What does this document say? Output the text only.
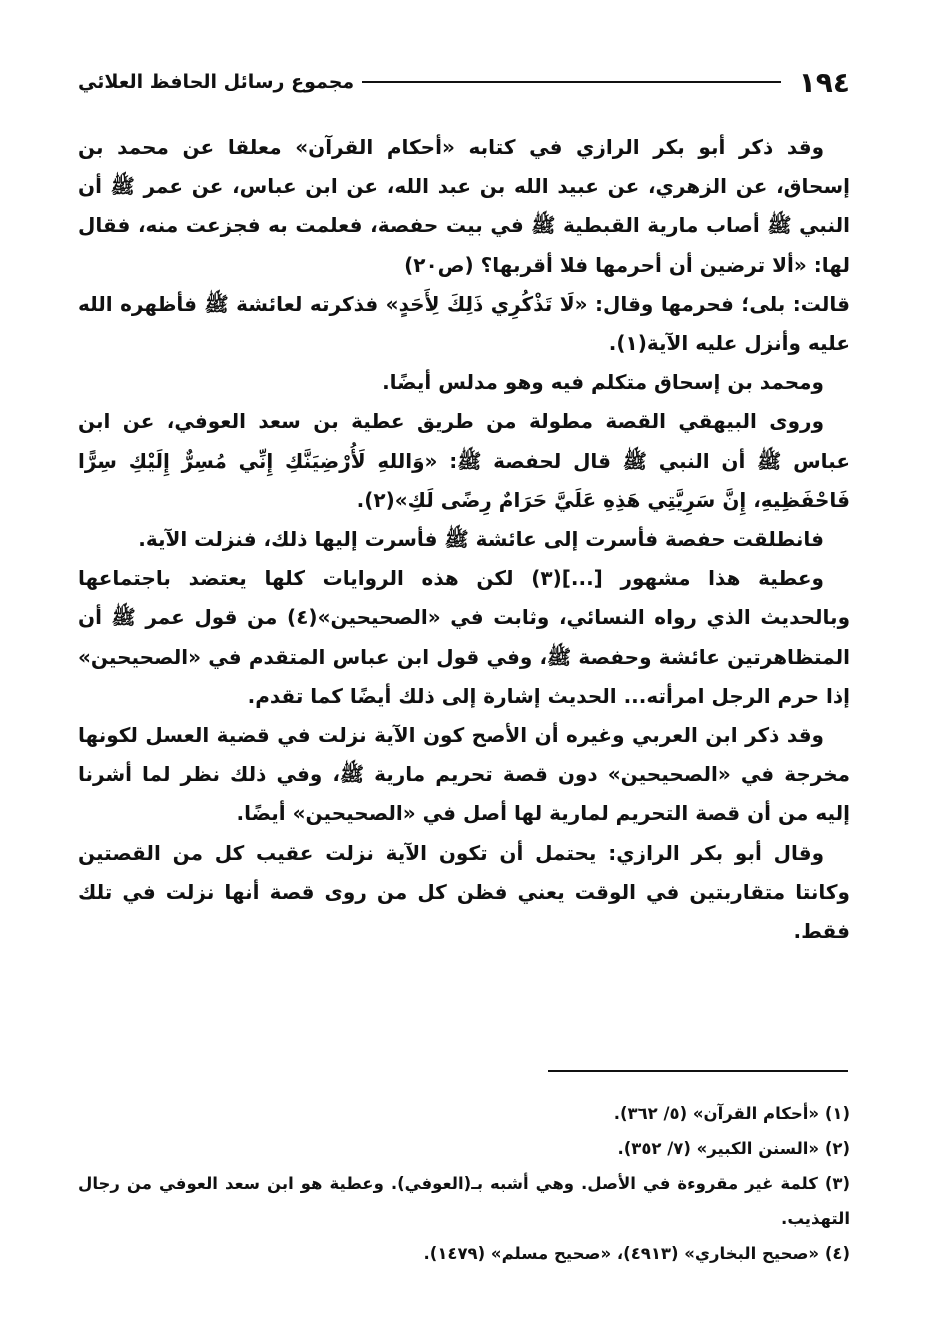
١٩٤
مجموع رسائل الحافظ العلائي

وقد ذكر أبو بكر الرازي في كتابه «أحكام القرآن» معلقا عن محمد بن إسحاق، عن الزهري، عن عبيد الله بن عبد الله، عن ابن عباس، عن عمر ﷺ أن النبي ﷺ أصاب مارية القبطية ﷺ في بيت حفصة، فعلمت به فجزعت منه، فقال لها: «ألا ترضين أن أحرمها فلا أقربها؟ (ص٢٠)

قالت: بلى؛ فحرمها وقال: «لَا تَذْكُرِي ذَلِكَ لِأَحَدٍ» فذكرته لعائشة ﷺ فأظهره الله عليه وأنزل عليه الآية(١).

ومحمد بن إسحاق متكلم فيه وهو مدلس أيضًا.

وروى البيهقي القصة مطولة من طريق عطية بن سعد العوفي، عن ابن عباس ﷺ أن النبي ﷺ قال لحفصة ﷺ: «وَاللهِ لَأُرْضِيَنَّكِ إِنِّي مُسِرٌّ إِلَيْكِ سِرًّا فَاحْفَظِيهِ، إِنَّ سَرِيَّتِي هَذِهِ عَلَيَّ حَرَامٌ رِضًى لَكِ»(٢).

فانطلقت حفصة فأسرت إلى عائشة ﷺ فأسرت إليها ذلك، فنزلت الآية.

وعطية هذا مشهور [...](٣) لكن هذه الروايات كلها يعتضد باجتماعها وبالحديث الذي رواه النسائي، وثابت في «الصحيحين»(٤) من قول عمر ﷺ أن المتظاهرتين عائشة وحفصة ﷺ، وفي قول ابن عباس المتقدم في «الصحيحين» إذا حرم الرجل امرأته... الحديث إشارة إلى ذلك أيضًا كما تقدم.

وقد ذكر ابن العربي وغيره أن الأصح كون الآية نزلت في قضية العسل لكونها مخرجة في «الصحيحين» دون قصة تحريم مارية ﷺ، وفي ذلك نظر لما أشرنا إليه من أن قصة التحريم لمارية لها أصل في «الصحيحين» أيضًا.

وقال أبو بكر الرازي: يحتمل أن تكون الآية نزلت عقيب كل من القصتين وكانتا متقاربتين في الوقت يعني فظن كل من روى قصة أنها نزلت في تلك فقط.

(١) «أحكام القرآن» (٥/ ٣٦٢).

(٢) «السنن الكبير» (٧/ ٣٥٢).

(٣) كلمة غير مقروءة في الأصل. وهي أشبه بـ(العوفي). وعطية هو ابن سعد العوفي من رجال التهذيب.

(٤) «صحيح البخاري» (٤٩١٣)، «صحيح مسلم» (١٤٧٩).
